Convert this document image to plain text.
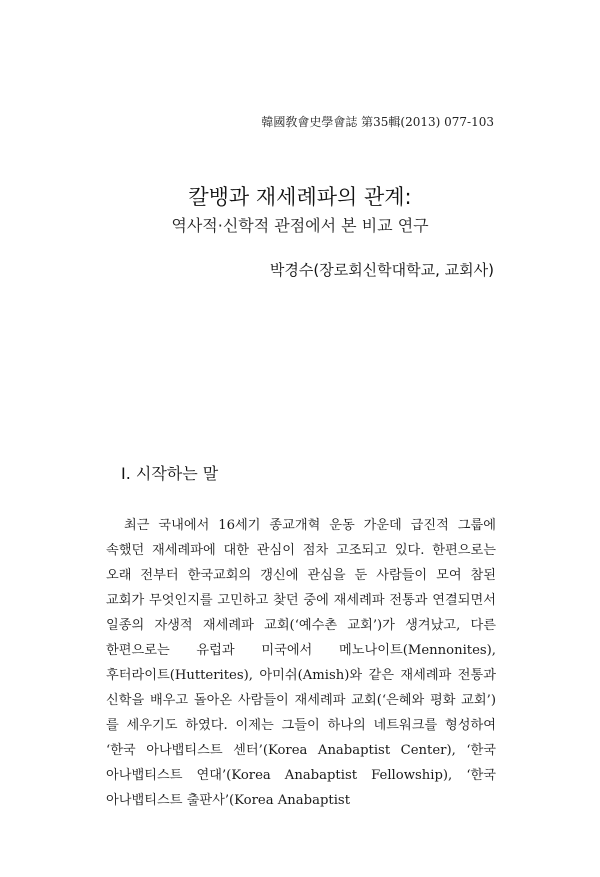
韓國敎會史學會誌 第35輯(2013) 077-103
칼뱅과 재세례파의 관계:
역사적·신학적 관점에서 본 비교 연구
박경수(장로회신학대학교, 교회사)
Ⅰ. 시작하는 말

최근 국내에서 16세기 종교개혁 운동 가운데 급진적 그룹에 속했던 재세례파에 대한 관심이 점차 고조되고 있다. 한편으로는 오래 전부터 한국교회의 갱신에 관심을 둔 사람들이 모여 참된 교회가 무엇인지를 고민하고 찾던 중에 재세례파 전통과 연결되면서 일종의 자생적 재세례파 교회(‘예수촌 교회’)가 생겨났고, 다른 한편으로는 유럽과 미국에서 메노나이트(Mennonites), 후터라이트(Hutterites), 아미쉬(Amish)와 같은 재세례파 전통과 신학을 배우고 돌아온 사람들이 재세례파 교회(‘은혜와 평화 교회’)를 세우기도 하였다. 이제는 그들이 하나의 네트워크를 형성하여 ‘한국 아나뱁티스트 센터’(Korea Anabaptist Center), ‘한국 아나뱁티스트 연대’(Korea Anabaptist Fellowship), ‘한국 아나뱁티스트 출판사’(Korea Anabaptist
